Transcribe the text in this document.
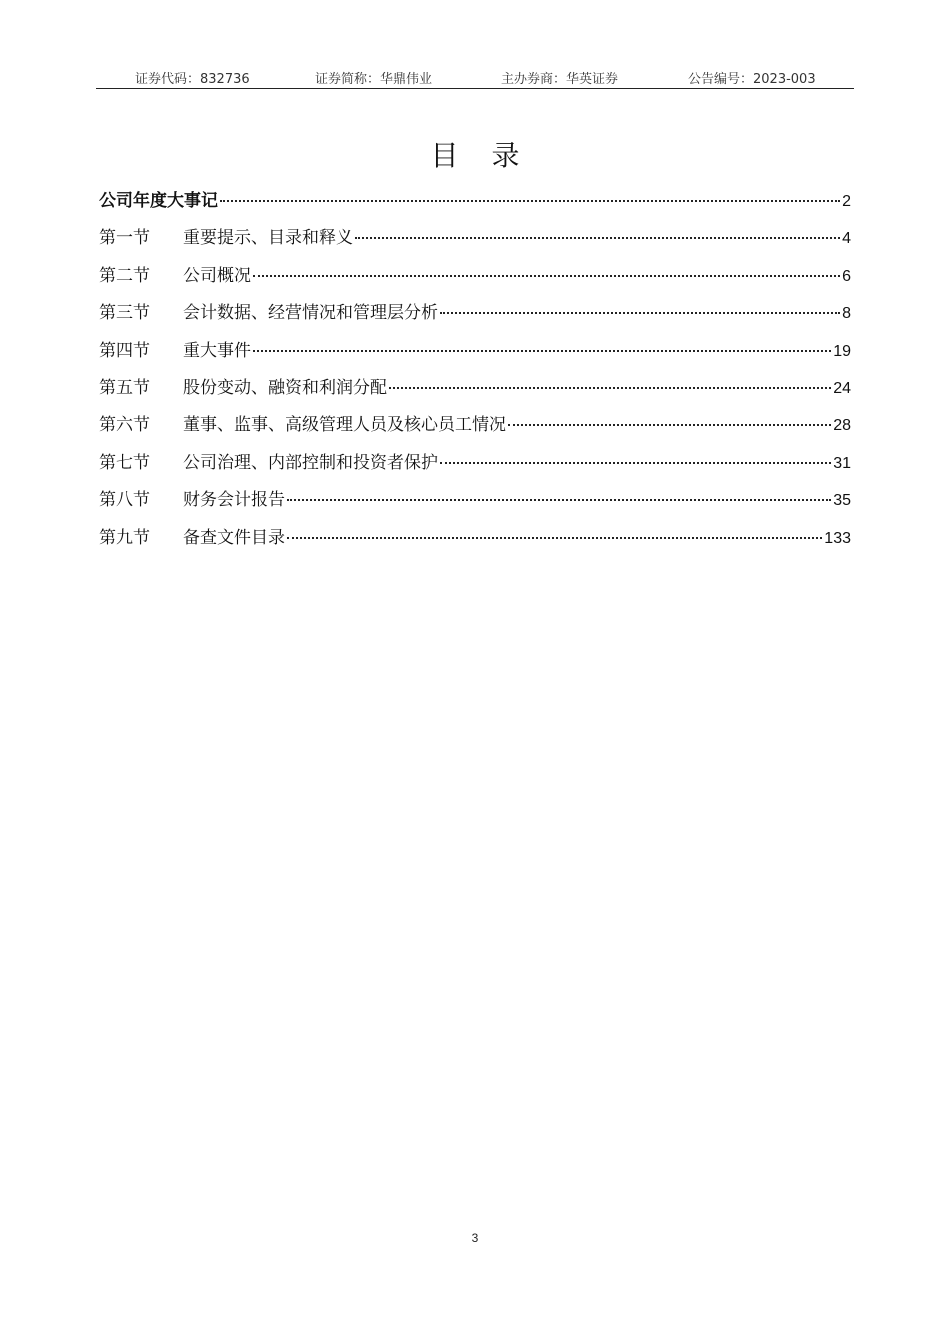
证券代码：832736	证券简称：华鼎伟业	主办券商：华英证券	公告编号：2023-003
目 录
公司年度大事记	2
第一节	重要提示、目录和释义	4
第二节	公司概况	6
第三节	会计数据、经营情况和管理层分析	8
第四节	重大事件	19
第五节	股份变动、融资和利润分配	24
第六节	董事、监事、高级管理人员及核心员工情况	28
第七节	公司治理、内部控制和投资者保护	31
第八节	财务会计报告	35
第九节	备查文件目录	133
3
